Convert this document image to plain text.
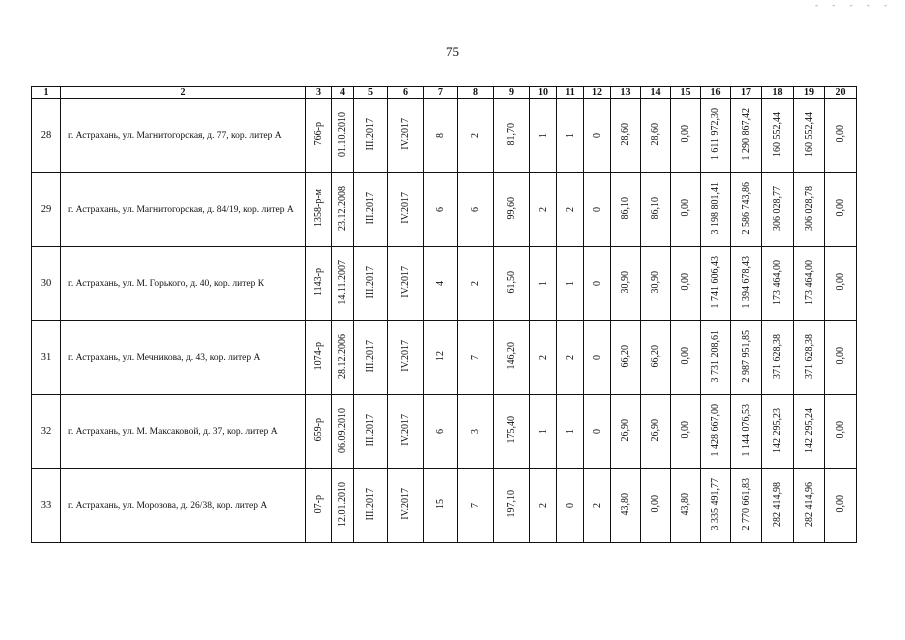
- - - - -
75
1	2	3	4	5	6	7	8	9	10	11	12	13	14	15	16	17	18	19	20
28	г. Астрахань, ул. Магнитогорская, д. 77, кор. литер А	766-р	01.10.2010	III.2017	IV.2017	8	2	81,70	1	1	0	28,60	28,60	0,00	1 611 972,30	1 290 867,42	160 552,44	160 552,44	0,00
29	г. Астрахань, ул. Магнитогорская, д. 84/19, кор. литер А	1358-р-м	23.12.2008	III.2017	IV.2017	6	6	99,60	2	2	0	86,10	86,10	0,00	3 198 801,41	2 586 743,86	306 028,77	306 028,78	0,00
30	г. Астрахань, ул. М. Горького, д. 40, кор. литер К	1143-р	14.11.2007	III.2017	IV.2017	4	2	61,50	1	1	0	30,90	30,90	0,00	1 741 606,43	1 394 678,43	173 464,00	173 464,00	0,00
31	г. Астрахань, ул. Мечникова, д. 43, кор. литер А	1074-р	28.12.2006	III.2017	IV.2017	12	7	146,20	2	2	0	66,20	66,20	0,00	3 731 208,61	2 987 951,85	371 628,38	371 628,38	0,00
32	г. Астрахань, ул. М. Максаковой, д. 37, кор. литер А	659-р	06.09.2010	III.2017	IV.2017	6	3	175,40	1	1	0	26,90	26,90	0,00	1 428 667,00	1 144 076,53	142 295,23	142 295,24	0,00
33	г. Астрахань, ул. Морозова, д. 26/38, кор. литер А	07-р	12.01.2010	III.2017	IV.2017	15	7	197,10	2	0	2	43,80	0,00	43,80	3 335 491,77	2 770 661,83	282 414,98	282 414,96	0,00
